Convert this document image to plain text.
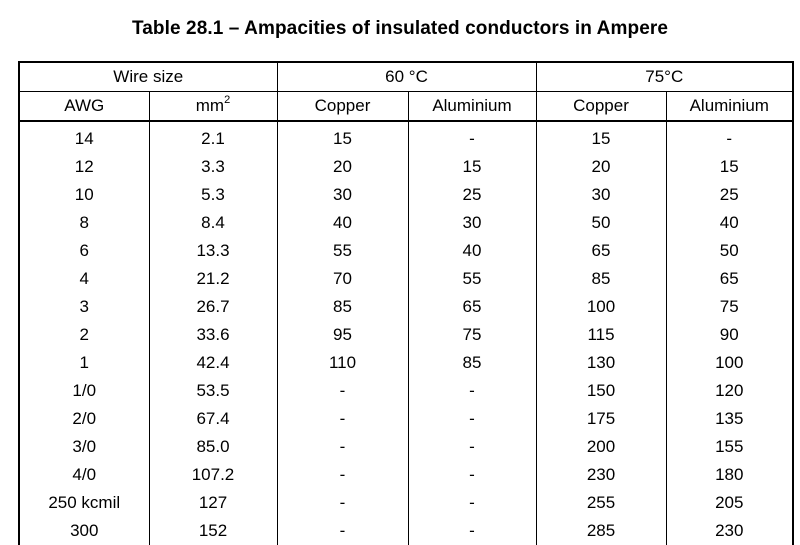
Table 28.1 – Ampacities of insulated conductors in Ampere
Wire size		60 °C		75°C	
AWG	$mm^2$	Copper	Aluminium	Copper	Aluminium
14	2.1	15	-	15	-
12	3.3	20	15	20	15
10	5.3	30	25	30	25
8	8.4	40	30	50	40
6	13.3	55	40	65	50
4	21.2	70	55	85	65
3	26.7	85	65	100	75
2	33.6	95	75	115	90
1	42.4	110	85	130	100
1/0	53.5	-	-	150	120
2/0	67.4	-	-	175	135
3/0	85.0	-	-	200	155
4/0	107.2	-	-	230	180
250 kcmil	127	-	-	255	205
300	152	-	-	285	230
